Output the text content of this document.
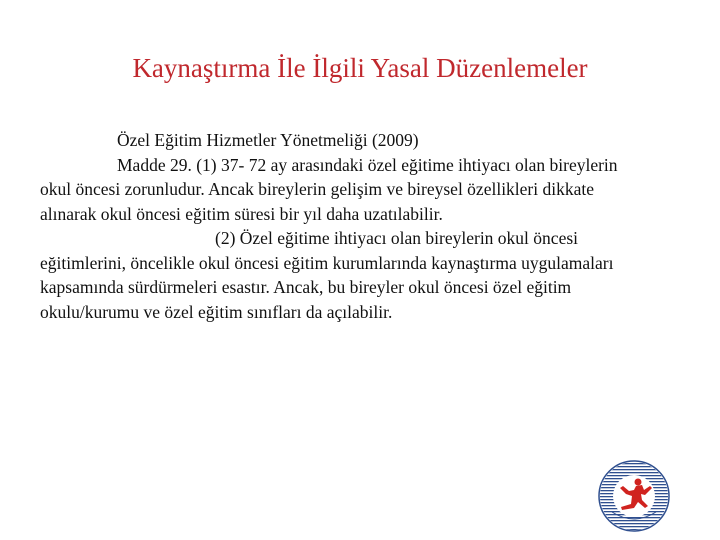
Kaynaştırma İle İlgili Yasal Düzenlemeler

Özel Eğitim Hizmetler Yönetmeliği (2009)

Madde 29. (1) 37- 72 ay arasındaki özel eğitime ihtiyacı olan bireylerin okul öncesi zorunludur. Ancak bireylerin gelişim ve bireysel özellikleri dikkate alınarak okul öncesi eğitim süresi bir yıl daha uzatılabilir.

(2) Özel eğitime ihtiyacı olan bireylerin okul öncesi eğitimlerini, öncelikle okul öncesi eğitim kurumlarında kaynaştırma uygulamaları kapsamında sürdürmeleri esastır. Ancak, bu bireyler okul öncesi özel eğitim okulu/kurumu ve özel eğitim sınıfları da açılabilir.
